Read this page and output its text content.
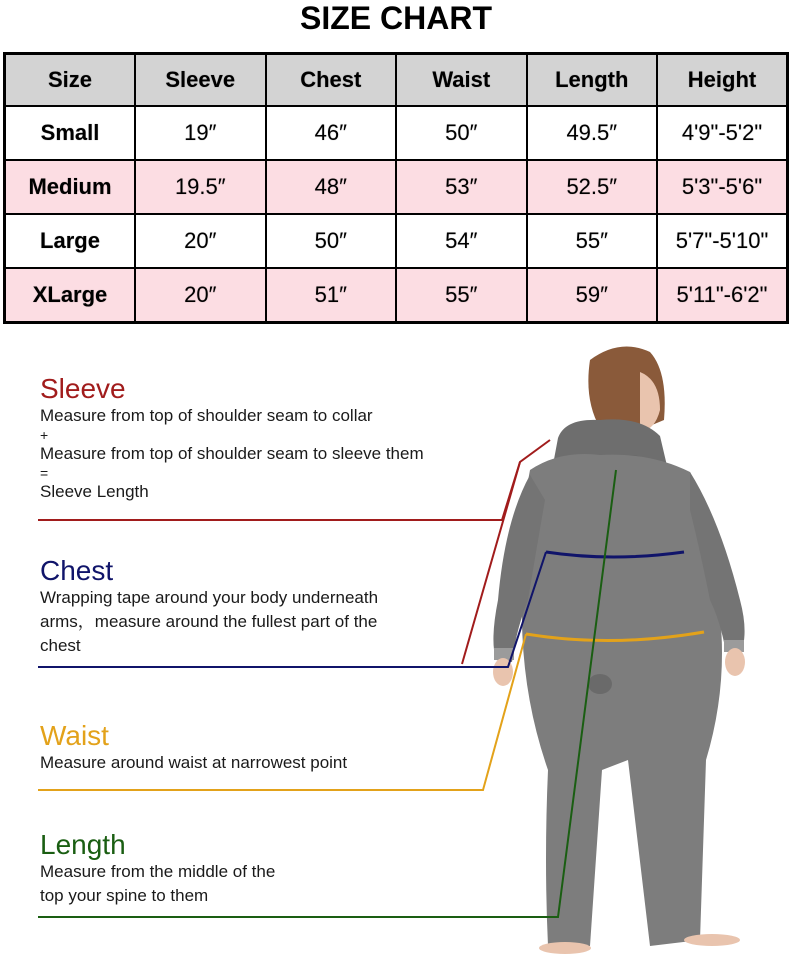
SIZE CHART
Size	Sleeve	Chest	Waist	Length	Height
Small	19″	46″	50″	49.5″	4'9"-5'2"
Medium	19.5″	48″	53″	52.5″	5'3"-5'6"
Large	20″	50″	54″	55″	5'7"-5'10"
XLarge	20″	51″	55″	59″	5'11"-6'2"
Sleeve
Measure from top of shoulder seam to collar
+
Measure from top of shoulder seam to sleeve them
=
Sleeve Length
Chest
Wrapping tape around your body underneath
arms，measure around the fullest part of the
chest
Waist
Measure around waist at narrowest point
Length
Measure from the middle of the
top your spine to them
